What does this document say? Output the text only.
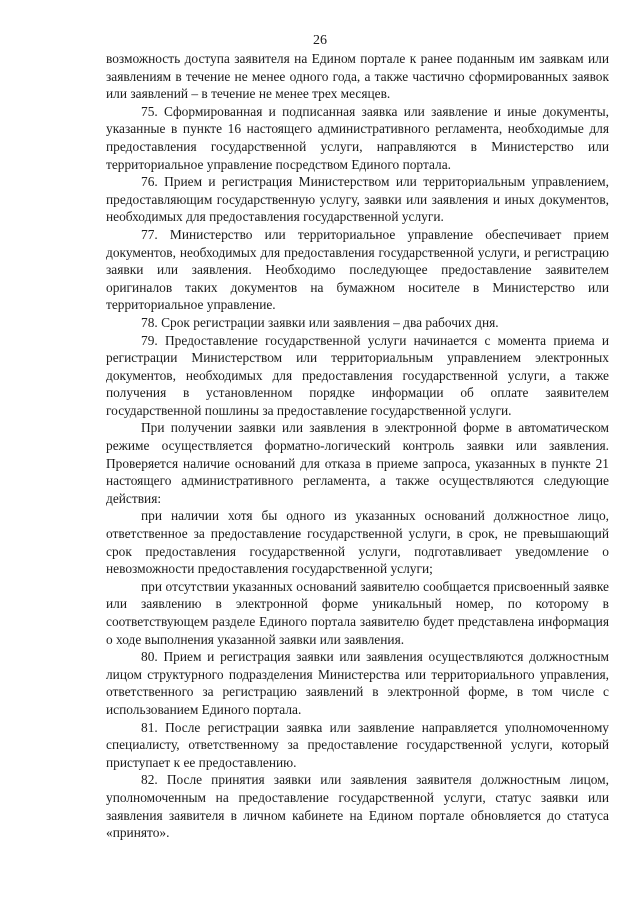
26

возможность доступа заявителя на Едином портале к ранее поданным им заявкам или заявлениям в течение не менее одного года, а также частично сформированных заявок или заявлений – в течение не менее трех месяцев.

75. Сформированная и подписанная заявка или заявление и иные документы, указанные в пункте 16 настоящего административного регламента, необходимые для предоставления государственной услуги, направляются в Министерство или территориальное управление посредством Единого портала.

76. Прием и регистрация Министерством или территориальным управлением, предоставляющим государственную услугу, заявки или заявления и иных документов, необходимых для предоставления государственной услуги.

77. Министерство или территориальное управление обеспечивает прием документов, необходимых для предоставления государственной услуги, и регистрацию заявки или заявления. Необходимо последующее предоставление заявителем оригиналов таких документов на бумажном носителе в Министерство или территориальное управление.

78. Срок регистрации заявки или заявления – два рабочих дня.

79. Предоставление государственной услуги начинается с момента приема и регистрации Министерством или территориальным управлением электронных документов, необходимых для предоставления государственной услуги, а также получения в установленном порядке информации об оплате заявителем государственной пошлины за предоставление государственной услуги.

При получении заявки или заявления в электронной форме в автоматическом режиме осуществляется форматно-логический контроль заявки или заявления. Проверяется наличие оснований для отказа в приеме запроса, указанных в пункте 21 настоящего административного регламента, а также осуществляются следующие действия:

при наличии хотя бы одного из указанных оснований должностное лицо, ответственное за предоставление государственной услуги, в срок, не превышающий срок предоставления государственной услуги, подготавливает уведомление о невозможности предоставления государственной услуги;

при отсутствии указанных оснований заявителю сообщается присвоенный заявке или заявлению в электронной форме уникальный номер, по которому в соответствующем разделе Единого портала заявителю будет представлена информация о ходе выполнения указанной заявки или заявления.

80. Прием и регистрация заявки или заявления осуществляются должностным лицом структурного подразделения Министерства или территориального управления, ответственного за регистрацию заявлений в электронной форме, в том числе с использованием Единого портала.

81. После регистрации заявка или заявление направляется уполномоченному специалисту, ответственному за предоставление государственной услуги, который приступает к ее предоставлению.

82. После принятия заявки или заявления заявителя должностным лицом, уполномоченным на предоставление государственной услуги, статус заявки или заявления заявителя в личном кабинете на Едином портале обновляется до статуса «принято».
